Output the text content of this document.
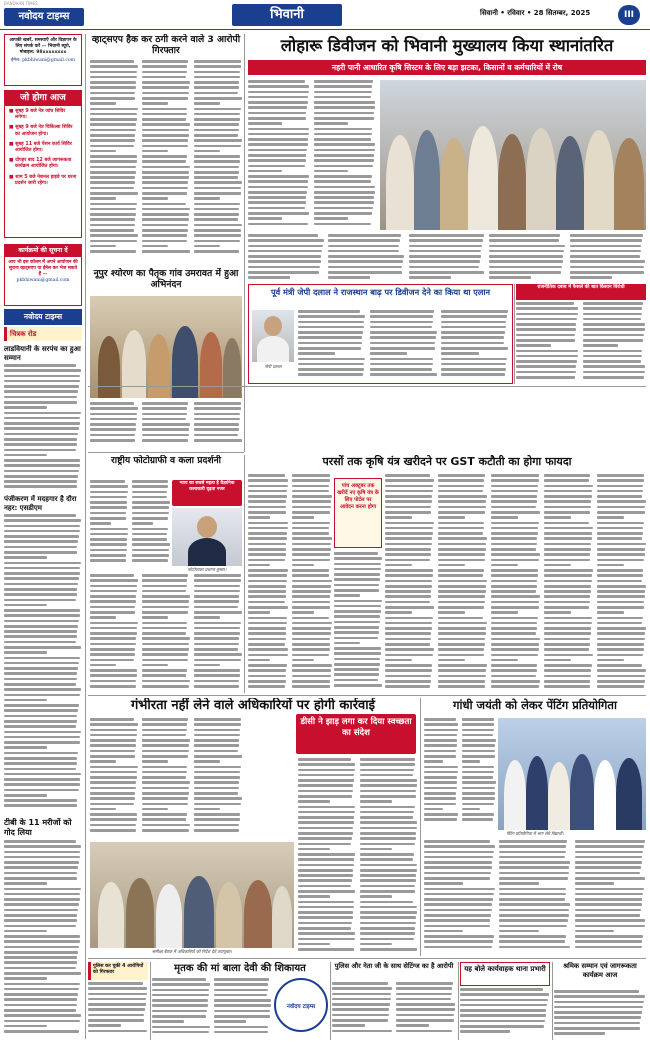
BANDHAN TIMES
नवोदय टाइम्स	भिवानी	सिवानी • रविवार • 28 सितम्बर, 2025	III
आपकी खबरें, समस्याएँ और विज्ञापन के लिए संपर्क करें — भिवानी ब्यूरो, मोबाइल: 98xxxxxxxx
ईमेल: pkbhiwani@gmail.com
जो होगा आज
■ सुबह 9 बजे नेत्र जांच शिविर लगेगा।
■ सुबह 9 बजे नेत्र चिकित्सा शिविर का आयोजन होगा।
■ सुबह 11 बजे पेंशन कार्य शिविर आयोजित होगा।
■ दोपहर बाद 12 बजे जागरूकता कार्यक्रम आयोजित होगा।
■ शाम 5 बजे नेशनल हाइवे पर धरना प्रदर्शन जारी रहेगा।
कार्यक्रमों की सूचना दें
आप भी इस कॉलम में अपने आयोजन की सूचना व्हाट्सएप या ईमेल कर भेज सकते हैं —
pkbhiwani@gmail.com
नवोदय टाइम्स
चित्रक रोड
लाडवियानी के सरपंच का हुआ सम्मान
पंजीकरण में मदहगार है दौरा नहर: एसडीएम
टीबी के 11 मरीजों को गोद लिया
व्हाट्सएप हैक कर ठगी करने वाले 3 आरोपी गिरफ्तार
नूपुर श्योरण का पैतृक गांव उमरावत में हुआ अभिनंदन
लोहारू डिवीजन को भिवानी मुख्यालय किया स्थानांतरित
नहरी पानी आधारित कृषि सिस्टम के लिए बड़ा झटका, किसानों व कर्मचारियों में रोष
पूर्व मंत्री जेपी दलाल ने राजस्थान बाढ़ पर डिवीजन देने का किया था एलान
जेपी दलाल
राजनीतिक दबाव में फैसले की बात किसान विरोधी
राष्ट्रीय फोटोग्राफी व कला प्रदर्शनी
न्याय का सबसे महत्व है वैज्ञानिक कलाकारी दृढ़ता नजर
फोटोग्राफर प्रशान्त कुमार।
परसों तक कृषि यंत्र खरीदने पर GST कटौती का होगा फायदा
पांच अक्टूबर तक खरीदें नए कृषि यंत्र के लिए पोर्टल पर आवेदन करना होगा
गंभीरता नहीं लेने वाले अधिकारियों पर होगी कार्रवाई
डीसी ने झाड़ लगा कर दिया स्वच्छता का संदेश
समीक्षा बैठक में अधिकारियों को निर्देश देते उपायुक्त।
गांधी जयंती को लेकर पेंटिंग प्रतियोगिता
पेंटिंग प्रतियोगिता में भाग लेते विद्यार्थी।
पुलिस कर चुकी 4 आरोपियों को गिरफ्तार	मृतक की मां बाला देवी की शिकायत
नवोदय टाइम्स
पुलिस और नेता जी के साथ सेटिंग्ज का है आरोपी	यह बोले कार्यवाहक थाना प्रभारी	श्रमिक सम्मान एवं जागरूकता कार्यक्रम आज
